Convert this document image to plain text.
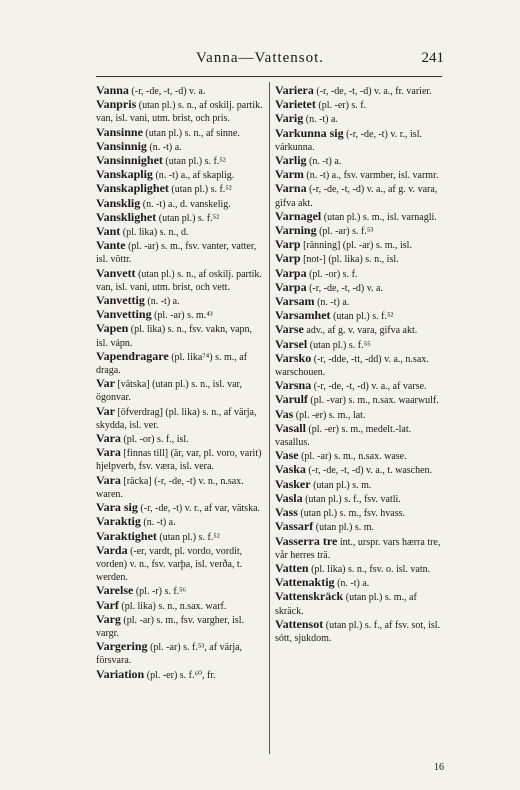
Vanna—Vattensot.	241

Vanna (-r, -de, -t, -d) v. a.

Vanpris (utan pl.) s. n., af oskilj. partik. van, isl. vani, utm. brist, och pris.

Vansinne (utan pl.) s. n., af sinne.

Vansinnig (n. -t) a.

Vansinnighet (utan pl.) s. f.⁵²

Vanskaplig (n. -t) a., af skaplig.

Vanskaplighet (utan pl.) s. f.⁵²

Vansklig (n. -t) a., d. vanskelig.

Vansklighet (utan pl.) s. f.⁵²

Vant (pl. lika) s. n., d.

Vante (pl. -ar) s. m., fsv. vanter, vatter, isl. vöttr.

Vanvett (utan pl.) s. n., af oskilj. partik. van, isl. vani, utm. brist, och vett.

Vanvettig (n. -t) a.

Vanvetting (pl. -ar) s. m.⁴³

Vapen (pl. lika) s. n., fsv. vakn, vapn, isl. vápn.

Vapendragare (pl. lika⁷⁴) s. m., af draga.

Var [vätska] (utan pl.) s. n., isl. var, ögonvar.

Var [öfverdrag] (pl. lika) s. n., af värja, skydda, isl. ver.

Vara (pl. -or) s. f., isl.

Vara [finnas till] (är, var, pl. voro, varit) hjelpverb, fsv. væra, isl. vera.

Vara [räcka] (-r, -de, -t) v. n., n.sax. waren.

Vara sig (-r, -de, -t) v. r., af var, vätska.

Varaktig (n. -t) a.

Varaktighet (utan pl.) s. f.⁵²

Varda (-er, vardt, pl. vordo, vordit, vorden) v. n., fsv. varþa, isl. verða, t. werden.

Varelse (pl. -r) s. f.⁵⁶

Varf (pl. lika) s. n., n.sax. warf.

Varg (pl. -ar) s. m., fsv. vargher, isl. vargr.

Vargering (pl. -ar) s. f.⁵³, af värja, försvara.

Variation (pl. -er) s. f.⁶⁰, fr.

Variera (-r, -de, -t, -d) v. a., fr. varier.

Varietet (pl. -er) s. f.

Varig (n. -t) a.

Varkunna sig (-r, -de, -t) v. r., isl. várkunna.

Varlig (n. -t) a.

Varm (n. -t) a., fsv. varmber, isl. varmr.

Varna (-r, -de, -t, -d) v. a., af g. v. vara, gifva akt.

Varnagel (utan pl.) s. m., isl. varnagli.

Varning (pl. -ar) s. f.⁵³

Varp [ränning] (pl. -ar) s. m., isl.

Varp [not-] (pl. lika) s. n., isl.

Varpa (pl. -or) s. f.

Varpa (-r, -de, -t, -d) v. a.

Varsam (n. -t) a.

Varsamhet (utan pl.) s. f.⁵²

Varse adv., af g. v. vara, gifva akt.

Varsel (utan pl.) s. f.⁵⁵

Varsko (-r, -dde, -tt, -dd) v. a., n.sax. warschouen.

Varsna (-r, -de, -t, -d) v. a., af varse.

Varulf (pl. -var) s. m., n.sax. waarwulf.

Vas (pl. -er) s. m., lat.

Vasall (pl. -er) s. m., medelt.-lat. vasallus.

Vase (pl. -ar) s. m., n.sax. wase.

Vaska (-r, -de, -t, -d) v. a., t. waschen.

Vasker (utan pl.) s. m.

Vasla (utan pl.) s. f., fsv. vatli.

Vass (utan pl.) s. m., fsv. hvass.

Vassarf (utan pl.) s. m.

Vasserra tre int., urspr. vars hærra tre, vår herres trä.

Vatten (pl. lika) s. n., fsv. o. isl. vatn.

Vattenaktig (n. -t) a.

Vattenskräck (utan pl.) s. m., af skräck.

Vattensot (utan pl.) s. f., af fsv. sot, isl. sótt, sjukdom.

16
